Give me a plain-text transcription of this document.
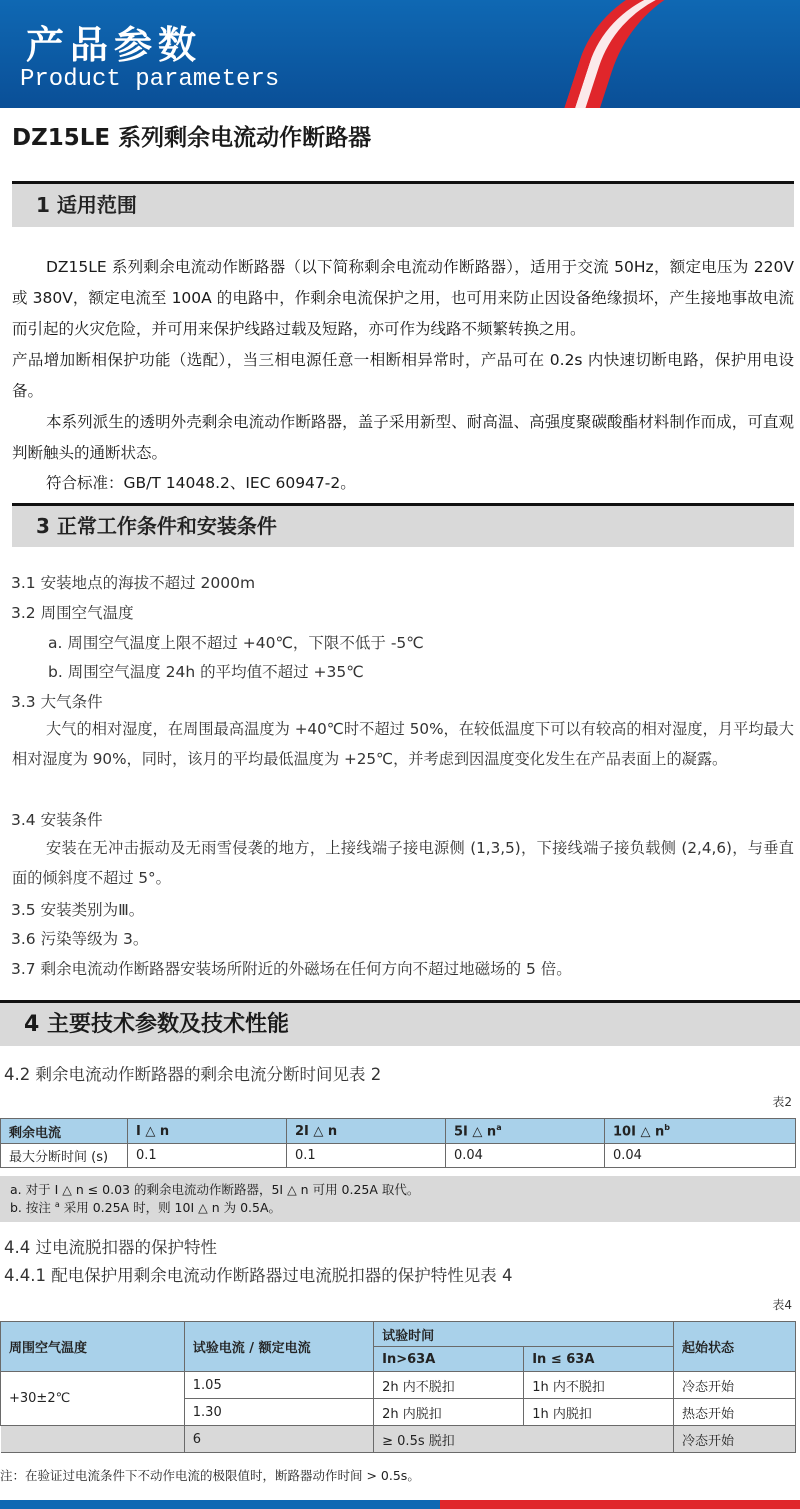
产品参数
Product parameters
DZ15LE 系列剩余电流动作断路器
1 适用范围

DZ15LE 系列剩余电流动作断路器（以下简称剩余电流动作断路器），适用于交流 50Hz，额定电压为 220V 或 380V，额定电流至 100A 的电路中，作剩余电流保护之用，也可用来防止因设备绝缘损坏，产生接地事故电流而引起的火灾危险，并可用来保护线路过载及短路，亦可作为线路不频繁转换之用。

产品增加断相保护功能（选配），当三相电源任意一相断相异常时，产品可在 0.2s 内快速切断电路，保护用电设备。

本系列派生的透明外壳剩余电流动作断路器，盖子采用新型、耐高温、高强度聚碳酸酯材料制作而成，可直观判断触头的通断状态。

符合标准：GB/T 14048.2、IEC 60947-2。

3 正常工作条件和安装条件
3.1 安装地点的海拔不超过 2000m
3.2 周围空气温度
a. 周围空气温度上限不超过 +40℃，下限不低于 -5℃
b. 周围空气温度 24h 的平均值不超过 +35℃
3.3 大气条件

大气的相对湿度，在周围最高温度为 +40℃时不超过 50%，在较低温度下可以有较高的相对湿度，月平均最大相对湿度为 90%，同时，该月的平均最低温度为 +25℃，并考虑到因温度变化发生在产品表面上的凝露。

3.4 安装条件

安装在无冲击振动及无雨雪侵袭的地方，上接线端子接电源侧 (1,3,5)，下接线端子接负载侧 (2,4,6)，与垂直面的倾斜度不超过 5°。

3.5 安装类别为Ⅲ。
3.6 污染等级为 3。
3.7 剩余电流动作断路器安装场所附近的外磁场在任何方向不超过地磁场的 5 倍。
4 主要技术参数及技术性能
4.2 剩余电流动作断路器的剩余电流分断时间见表 2
表2
剩余电流	I △ n	2I △ n	5I △ $n^a$	10I △ $n^b$
最大分断时间 (s)	0.1	0.1	0.04	0.04
a. 对于 I △ n ≤ 0.03 的剩余电流动作断路器，5I △ n 可用 0.25A 取代。
b. 按注 $^a$ 采用 0.25A 时，则 10I △ n 为 0.5A。
4.4 过电流脱扣器的保护特性
4.4.1 配电保护用剩余电流动作断路器过电流脱扣器的保护特性见表 4
表4
周围空气温度	试验电流 / 额定电流	试验时间		起始状态
		In>63A	In ≤ 63A	
+30±2℃	1.05	2h 内不脱扣	1h 内不脱扣	冷态开始
	1.30	2h 内脱扣	1h 内脱扣	热态开始
	6	≥ 0.5s 脱扣		冷态开始
注：在验证过电流条件下不动作电流的极限值时，断路器动作时间 > 0.5s。
